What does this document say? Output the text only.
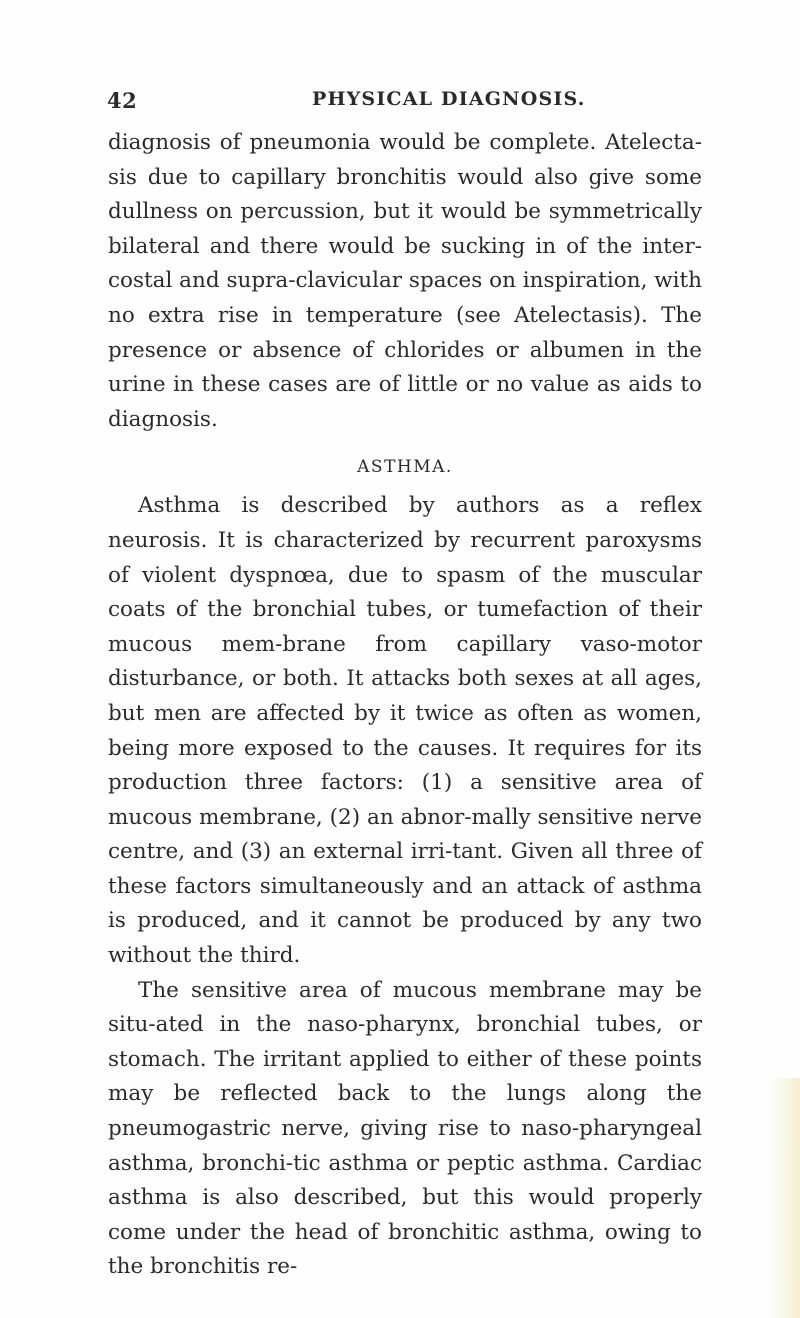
42	PHYSICAL DIAGNOSIS.

diagnosis of pneumonia would be complete. Atelecta-sis due to capillary bronchitis would also give some dullness on percussion, but it would be symmetrically bilateral and there would be sucking in of the inter-costal and supra-clavicular spaces on inspiration, with no extra rise in temperature (see Atelectasis). The presence or absence of chlorides or albumen in the urine in these cases are of little or no value as aids to diagnosis.

ASTHMA.

Asthma is described by authors as a reflex neurosis. It is characterized by recurrent paroxysms of violent dyspnœa, due to spasm of the muscular coats of the bronchial tubes, or tumefaction of their mucous mem-brane from capillary vaso-motor disturbance, or both. It attacks both sexes at all ages, but men are affected by it twice as often as women, being more exposed to the causes. It requires for its production three factors: (1) a sensitive area of mucous membrane, (2) an abnor-mally sensitive nerve centre, and (3) an external irri-tant. Given all three of these factors simultaneously and an attack of asthma is produced, and it cannot be produced by any two without the third.

The sensitive area of mucous membrane may be situ-ated in the naso-pharynx, bronchial tubes, or stomach. The irritant applied to either of these points may be reflected back to the lungs along the pneumogastric nerve, giving rise to naso-pharyngeal asthma, bronchi-tic asthma or peptic asthma. Cardiac asthma is also described, but this would properly come under the head of bronchitic asthma, owing to the bronchitis re-
